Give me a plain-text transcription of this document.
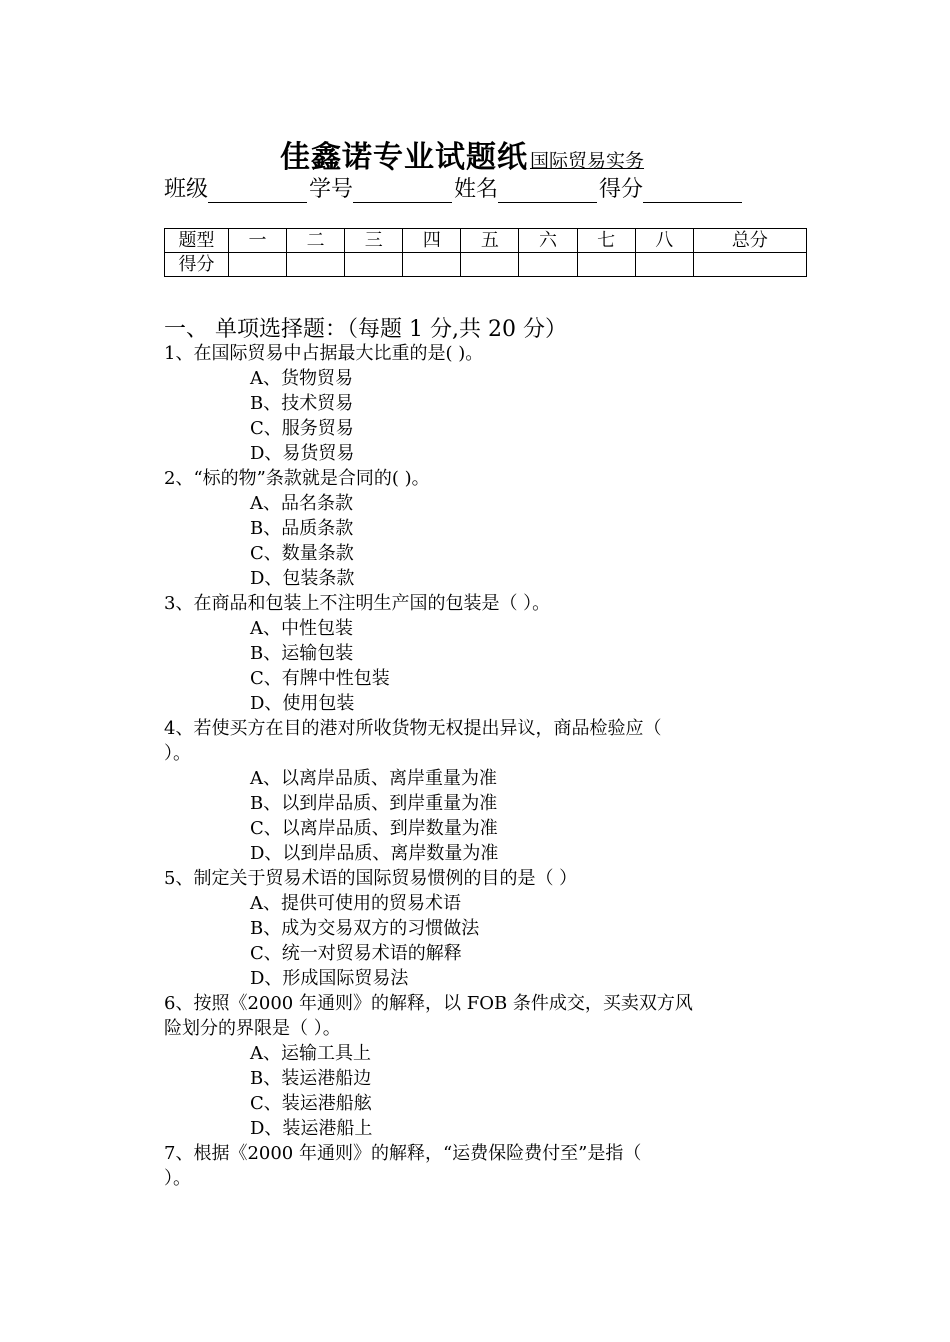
佳鑫诺专业试题纸 国际贸易实务
班级	学号	姓名	得分
题型	一	二	三	四	五	六	七	八	总分
得分									
一、 单项选择题：（每题 1 分,共 20 分）
1、在国际贸易中占据最大比重的是( )。
A、货物贸易
B、技术贸易
C、服务贸易
D、易货贸易
2、“标的物”条款就是合同的( )。
A、品名条款
B、品质条款
C、数量条款
D、包装条款
3、在商品和包装上不注明生产国的包装是（ ）。
A、中性包装
B、运输包装
C、有牌中性包装
D、使用包装
4、若使买方在目的港对所收货物无权提出异议，商品检验应（
）。
A、以离岸品质、离岸重量为准
B、以到岸品质、到岸重量为准
C、以离岸品质、到岸数量为准
D、以到岸品质、离岸数量为准
5、制定关于贸易术语的国际贸易惯例的目的是（ ）
A、提供可使用的贸易术语
B、成为交易双方的习惯做法
C、统一对贸易术语的解释
D、形成国际贸易法
6、按照《2000 年通则》的解释，以 FOB 条件成交，买卖双方风
险划分的界限是（ ）。
A、运输工具上
B、装运港船边
C、装运港船舷
D、装运港船上
7、根据《2000 年通则》的解释，“运费保险费付至”是指（
）。
